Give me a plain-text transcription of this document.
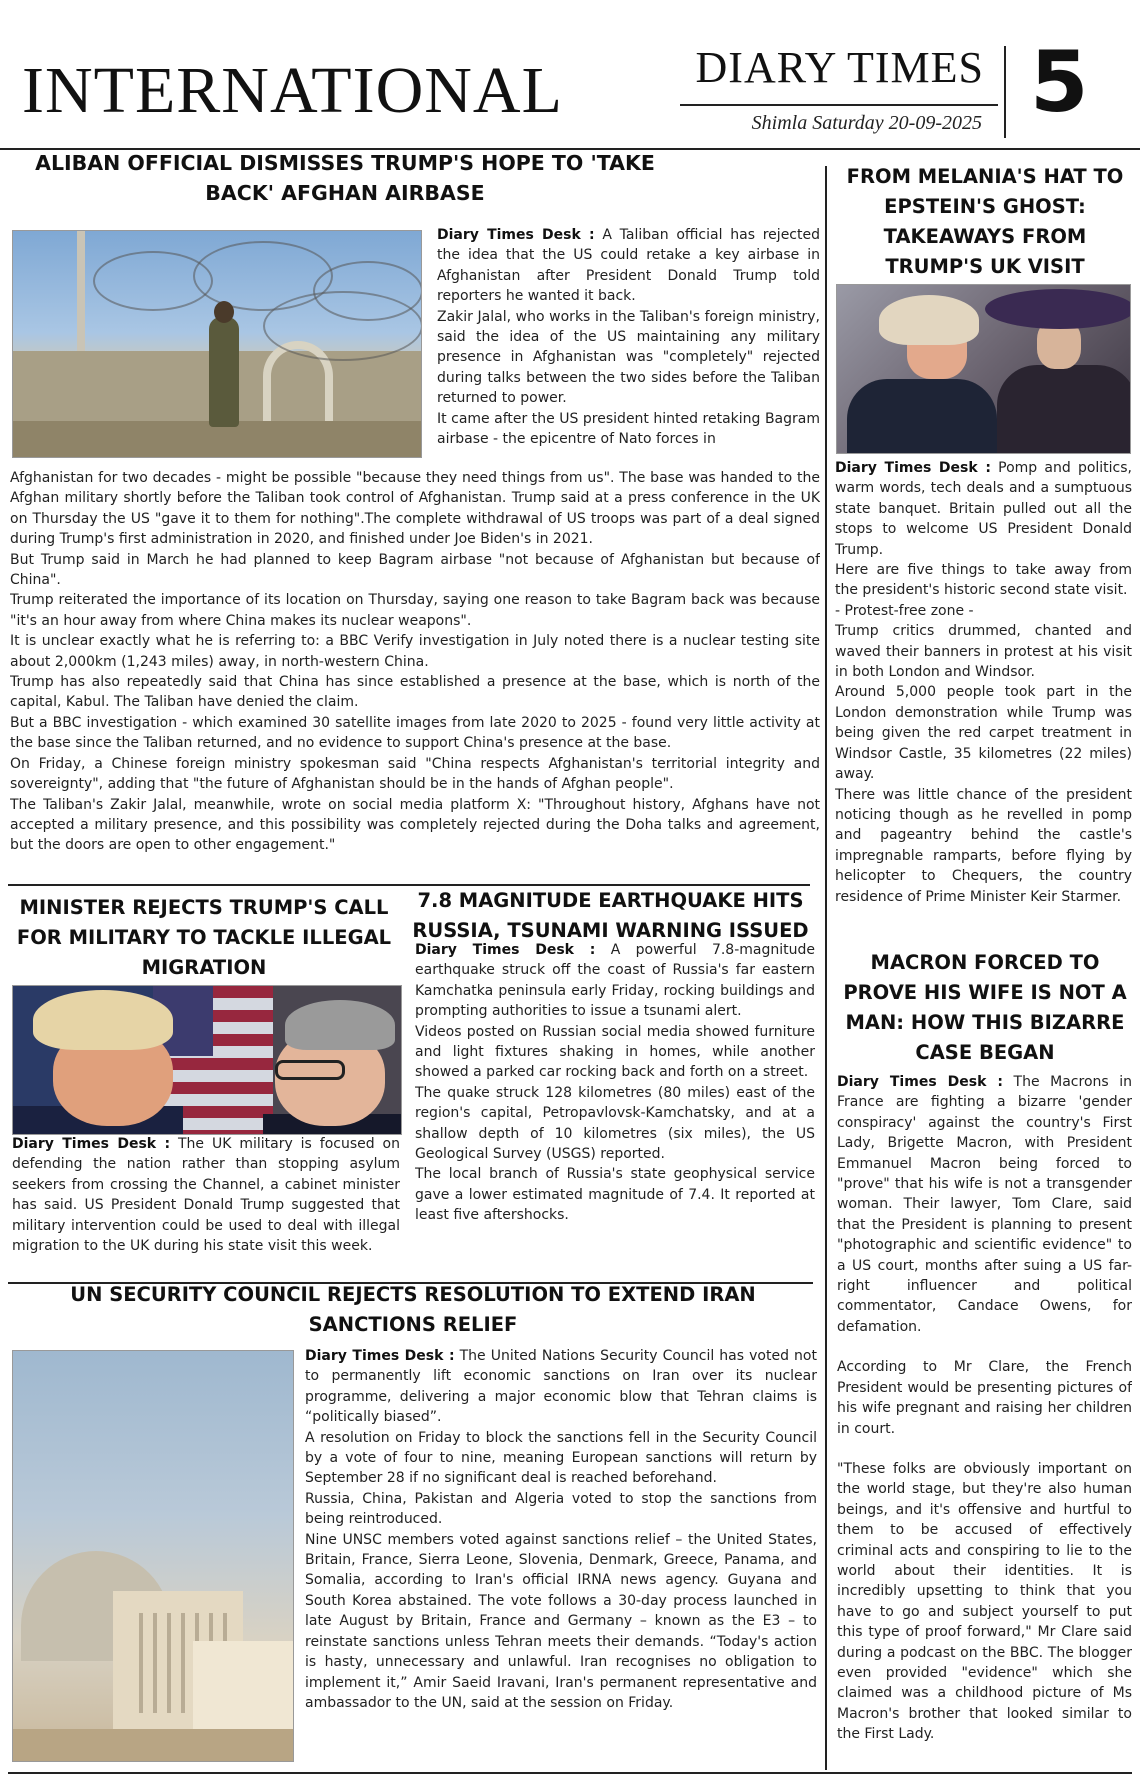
INTERNATIONAL	DIARY TIMES
Shimla Saturday 20-09-2025 5
ALIBAN OFFICIAL DISMISSES TRUMP'S HOPE TO 'TAKE BACK' AFGHAN AIRBASE

Diary Times Desk : A Taliban official has rejected the idea that the US could retake a key airbase in Afghanistan after President Donald Trump told reporters he wanted it back.

Zakir Jalal, who works in the Taliban's foreign ministry, said the idea of the US maintaining any military presence in Afghanistan was "completely" rejected during talks between the two sides before the Taliban returned to power.

It came after the US president hinted retaking Bagram airbase - the epicentre of Nato forces in

Afghanistan for two decades - might be possible "because they need things from us". The base was handed to the Afghan military shortly before the Taliban took control of Afghanistan. Trump said at a press conference in the UK on Thursday the US "gave it to them for nothing".The complete withdrawal of US troops was part of a deal signed during Trump's first administration in 2020, and finished under Joe Biden's in 2021.

But Trump said in March he had planned to keep Bagram airbase "not because of Afghanistan but because of China".

Trump reiterated the importance of its location on Thursday, saying one reason to take Bagram back was because "it's an hour away from where China makes its nuclear weapons".

It is unclear exactly what he is referring to: a BBC Verify investigation in July noted there is a nuclear testing site about 2,000km (1,243 miles) away, in north-western China.

Trump has also repeatedly said that China has since established a presence at the base, which is north of the capital, Kabul. The Taliban have denied the claim.

But a BBC investigation - which examined 30 satellite images from late 2020 to 2025 - found very little activity at the base since the Taliban returned, and no evidence to support China's presence at the base.

On Friday, a Chinese foreign ministry spokesman said "China respects Afghanistan's territorial integrity and sovereignty", adding that "the future of Afghanistan should be in the hands of Afghan people".

The Taliban's Zakir Jalal, meanwhile, wrote on social media platform X: "Throughout history, Afghans have not accepted a military presence, and this possibility was completely rejected during the Doha talks and agreement, but the doors are open to other engagement."

FROM MELANIA'S HAT TO EPSTEIN'S GHOST: TAKEAWAYS FROM TRUMP'S UK VISIT

Diary Times Desk : Pomp and politics, warm words, tech deals and a sumptuous state banquet. Britain pulled out all the stops to welcome US President Donald Trump.

Here are five things to take away from the president's historic second state visit.

- Protest-free zone -

Trump critics drummed, chanted and waved their banners in protest at his visit in both London and Windsor.

Around 5,000 people took part in the London demonstration while Trump was being given the red carpet treatment in Windsor Castle, 35 kilometres (22 miles) away.

There was little chance of the president noticing though as he revelled in pomp and pageantry behind the castle's impregnable ramparts, before flying by helicopter to Chequers, the country residence of Prime Minister Keir Starmer.

MACRON FORCED TO PROVE HIS WIFE IS NOT A MAN: HOW THIS BIZARRE CASE BEGAN

Diary Times Desk : The Macrons in France are fighting a bizarre 'gender conspiracy' against the country's First Lady, Brigette Macron, with President Emmanuel Macron being forced to "prove" that his wife is not a transgender woman. Their lawyer, Tom Clare, said that the President is planning to present "photographic and scientific evidence" to a US court, months after suing a US far-right influencer and political commentator, Candace Owens, for defamation.

According to Mr Clare, the French President would be presenting pictures of his wife pregnant and raising her children in court.

"These folks are obviously important on the world stage, but they're also human beings, and it's offensive and hurtful to them to be accused of effectively criminal acts and conspiring to lie to the world about their identities. It is incredibly upsetting to think that you have to go and subject yourself to put this type of proof forward," Mr Clare said during a podcast on the BBC. The blogger even provided "evidence" which she claimed was a childhood picture of Ms Macron's brother that looked similar to the First Lady.

MINISTER REJECTS TRUMP'S CALL FOR MILITARY TO TACKLE ILLEGAL MIGRATION

Diary Times Desk : The UK military is focused on defending the nation rather than stopping asylum seekers from crossing the Channel, a cabinet minister has said. US President Donald Trump suggested that military intervention could be used to deal with illegal migration to the UK during his state visit this week.

7.8 MAGNITUDE EARTHQUAKE HITS RUSSIA, TSUNAMI WARNING ISSUED

Diary Times Desk : A powerful 7.8-magnitude earthquake struck off the coast of Russia's far eastern Kamchatka peninsula early Friday, rocking buildings and prompting authorities to issue a tsunami alert.

Videos posted on Russian social media showed furniture and light fixtures shaking in homes, while another showed a parked car rocking back and forth on a street.

The quake struck 128 kilometres (80 miles) east of the region's capital, Petropavlovsk-Kamchatsky, and at a shallow depth of 10 kilometres (six miles), the US Geological Survey (USGS) reported.

The local branch of Russia's state geophysical service gave a lower estimated magnitude of 7.4. It reported at least five aftershocks.

UN SECURITY COUNCIL REJECTS RESOLUTION TO EXTEND IRAN SANCTIONS RELIEF

Diary Times Desk : The United Nations Security Council has voted not to permanently lift economic sanctions on Iran over its nuclear programme, delivering a major economic blow that Tehran claims is “politically biased”.

A resolution on Friday to block the sanctions fell in the Security Council by a vote of four to nine, meaning European sanctions will return by September 28 if no significant deal is reached beforehand.

Russia, China, Pakistan and Algeria voted to stop the sanctions from being reintroduced.

Nine UNSC members voted against sanctions relief – the United States, Britain, France, Sierra Leone, Slovenia, Denmark, Greece, Panama, and Somalia, according to Iran's official IRNA news agency. Guyana and South Korea abstained. The vote follows a 30-day process launched in late August by Britain, France and Germany – known as the E3 – to reinstate sanctions unless Tehran meets their demands. “Today's action is hasty, unnecessary and unlawful. Iran recognises no obligation to implement it,” Amir Saeid Iravani, Iran's permanent representative and ambassador to the UN, said at the session on Friday.
